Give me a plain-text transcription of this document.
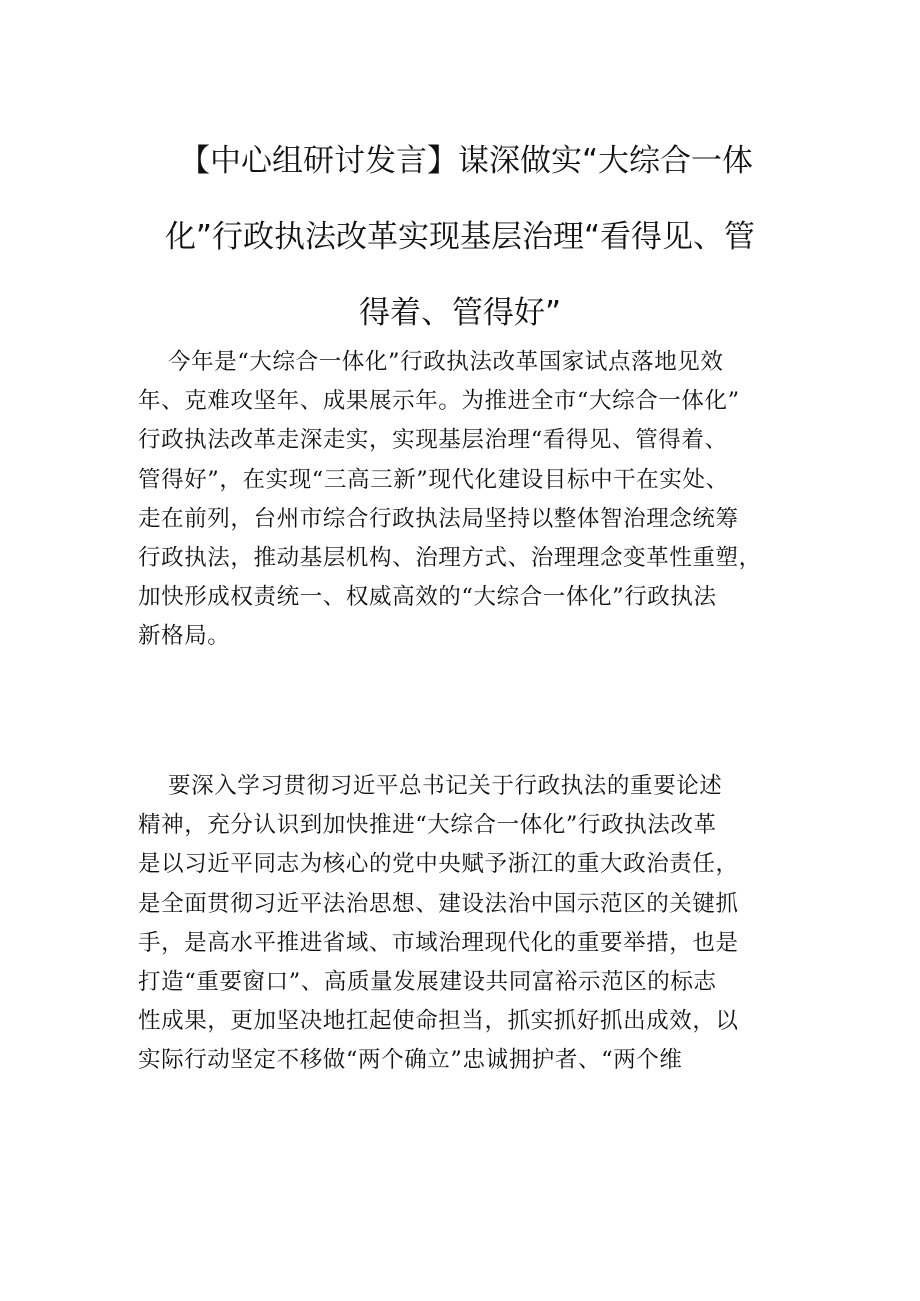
【中心组研讨发言】谋深做实“大综合一体
化”行政执法改革实现基层治理“看得见、管
得着、管得好”
今年是“大综合一体化”行政执法改革国家试点落地见效
年、克难攻坚年、成果展示年。为推进全市“大综合一体化”
行政执法改革走深走实，实现基层治理“看得见、管得着、
管得好”，在实现“三高三新”现代化建设目标中干在实处、
走在前列，台州市综合行政执法局坚持以整体智治理念统筹
行政执法，推动基层机构、治理方式、治理理念变革性重塑，
加快形成权责统一、权威高效的“大综合一体化”行政执法
新格局。
要深入学习贯彻习近平总书记关于行政执法的重要论述
精神，充分认识到加快推进“大综合一体化”行政执法改革
是以习近平同志为核心的党中央赋予浙江的重大政治责任，
是全面贯彻习近平法治思想、建设法治中国示范区的关键抓
手，是高水平推进省域、市域治理现代化的重要举措，也是
打造“重要窗口”、高质量发展建设共同富裕示范区的标志
性成果，更加坚决地扛起使命担当，抓实抓好抓出成效，以
实际行动坚定不移做“两个确立”忠诚拥护者、“两个维
